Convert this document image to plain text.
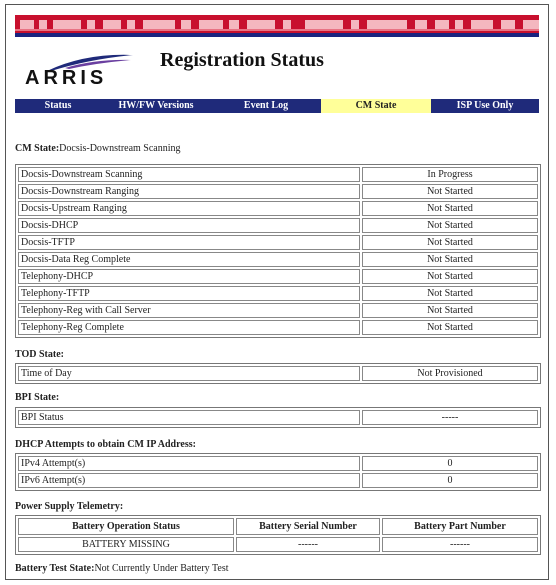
ARRIS
Registration Status
Status	HW/FW Versions	Event Log	CM State	ISP Use Only
CM State:Docsis-Downstream Scanning
Docsis-Downstream Scanning	In Progress
Docsis-Downstream Ranging	Not Started
Docsis-Upstream Ranging	Not Started
Docsis-DHCP	Not Started
Docsis-TFTP	Not Started
Docsis-Data Reg Complete	Not Started
Telephony-DHCP	Not Started
Telephony-TFTP	Not Started
Telephony-Reg with Call Server	Not Started
Telephony-Reg Complete	Not Started
TOD State:
Time of Day	Not Provisioned
BPI State:
BPI Status	-----
DHCP Attempts to obtain CM IP Address:
IPv4 Attempt(s)	0
IPv6 Attempt(s)	0
Power Supply Telemetry:
Battery Operation Status	Battery Serial Number	Battery Part Number
BATTERY MISSING	------	------
Battery Test State:Not Currently Under Battery Test
